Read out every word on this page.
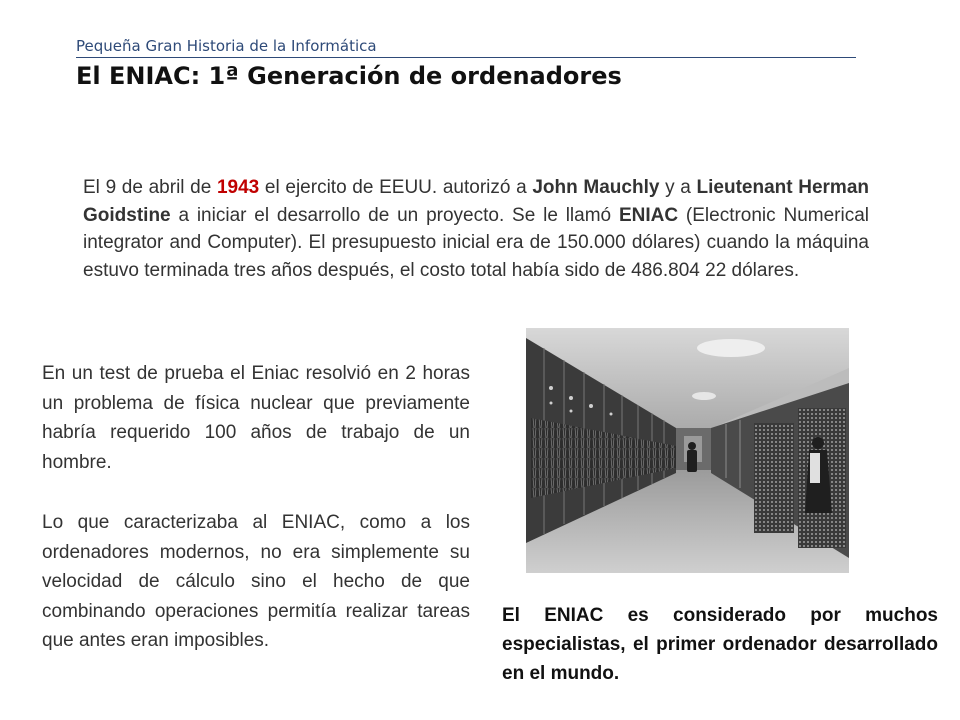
Pequeña Gran Historia de la Informática
El ENIAC: 1ª Generación de ordenadores
El 9 de abril de 1943 el ejercito de EEUU. autorizó a John Mauchly y a Lieutenant Herman Goidstine a iniciar el desarrollo de un proyecto. Se le llamó ENIAC (Electronic Numerical integrator and Computer). El presupuesto inicial era de 150.000 dólares) cuando la máquina estuvo terminada tres años después, el costo total había sido de 486.804 22 dólares.
En un test de prueba el Eniac resolvió en 2 horas un problema de física nuclear que previamente habría requerido 100 años de trabajo de un hombre.
Lo que caracterizaba al ENIAC, como a los ordenadores modernos, no era simplemente su velocidad de cálculo sino el hecho de que combinando operaciones permitía realizar tareas que antes eran imposibles.
El ENIAC es considerado por muchos especialistas, el primer ordenador desarrollado en el mundo.
